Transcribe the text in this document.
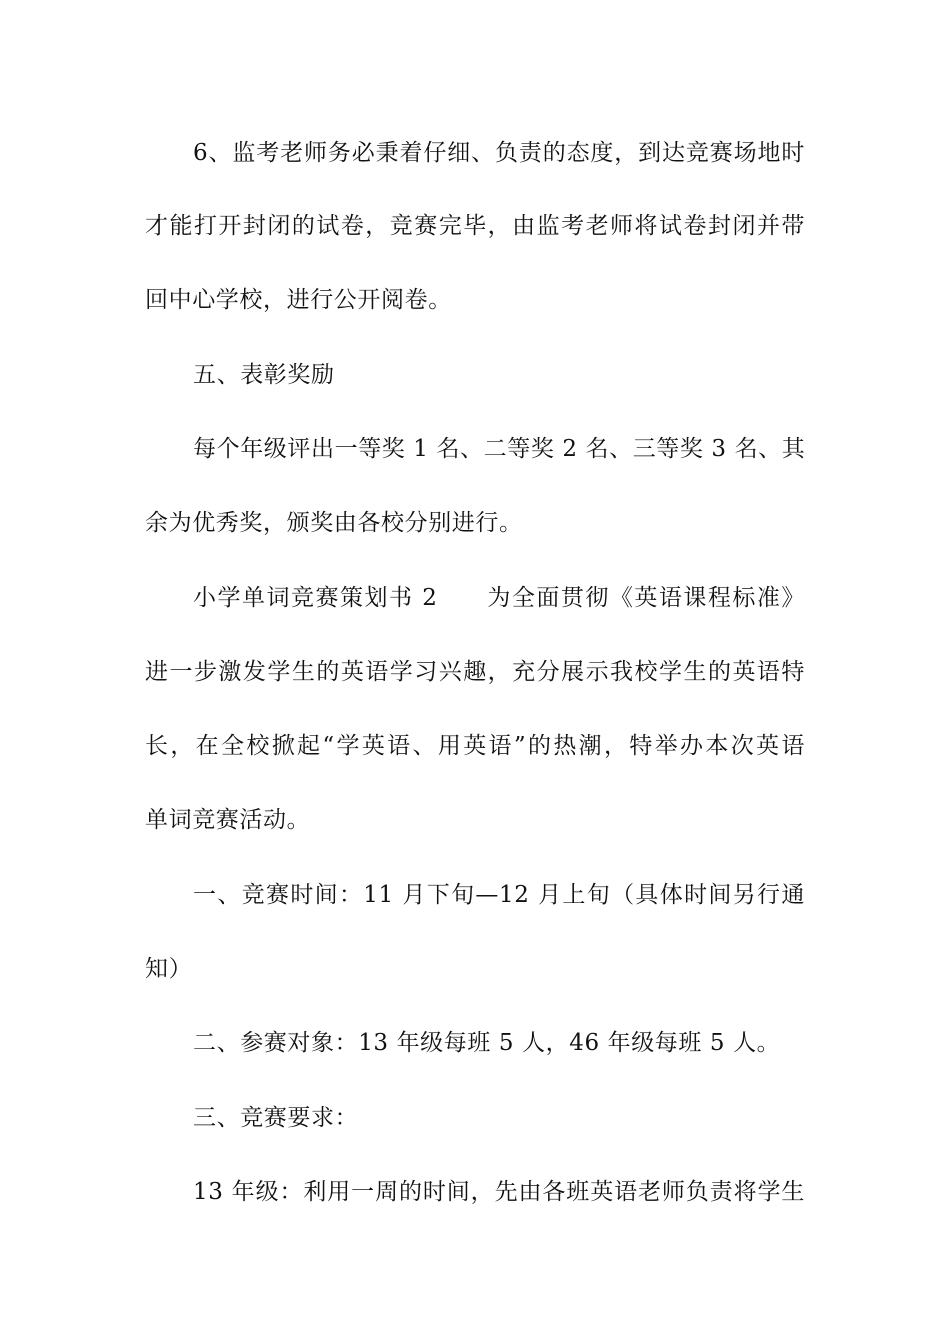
6、监考老师务必秉着仔细、负责的态度，到达竞赛场地时
才能打开封闭的试卷，竞赛完毕，由监考老师将试卷封闭并带
回中心学校，进行公开阅卷。
五、表彰奖励
每个年级评出一等奖 1 名、二等奖 2 名、三等奖 3 名、其
余为优秀奖，颁奖由各校分别进行。
小学单词竞赛策划书 2　　为全面贯彻《英语课程标准》
进一步激发学生的英语学习兴趣，充分展示我校学生的英语特
长，在全校掀起“学英语、用英语”的热潮，特举办本次英语
单词竞赛活动。
一、竞赛时间：11 月下旬—12 月上旬（具体时间另行通
知）
二、参赛对象：13 年级每班 5 人，46 年级每班 5 人。
三、竞赛要求：
13 年级：利用一周的时间，先由各班英语老师负责将学生
